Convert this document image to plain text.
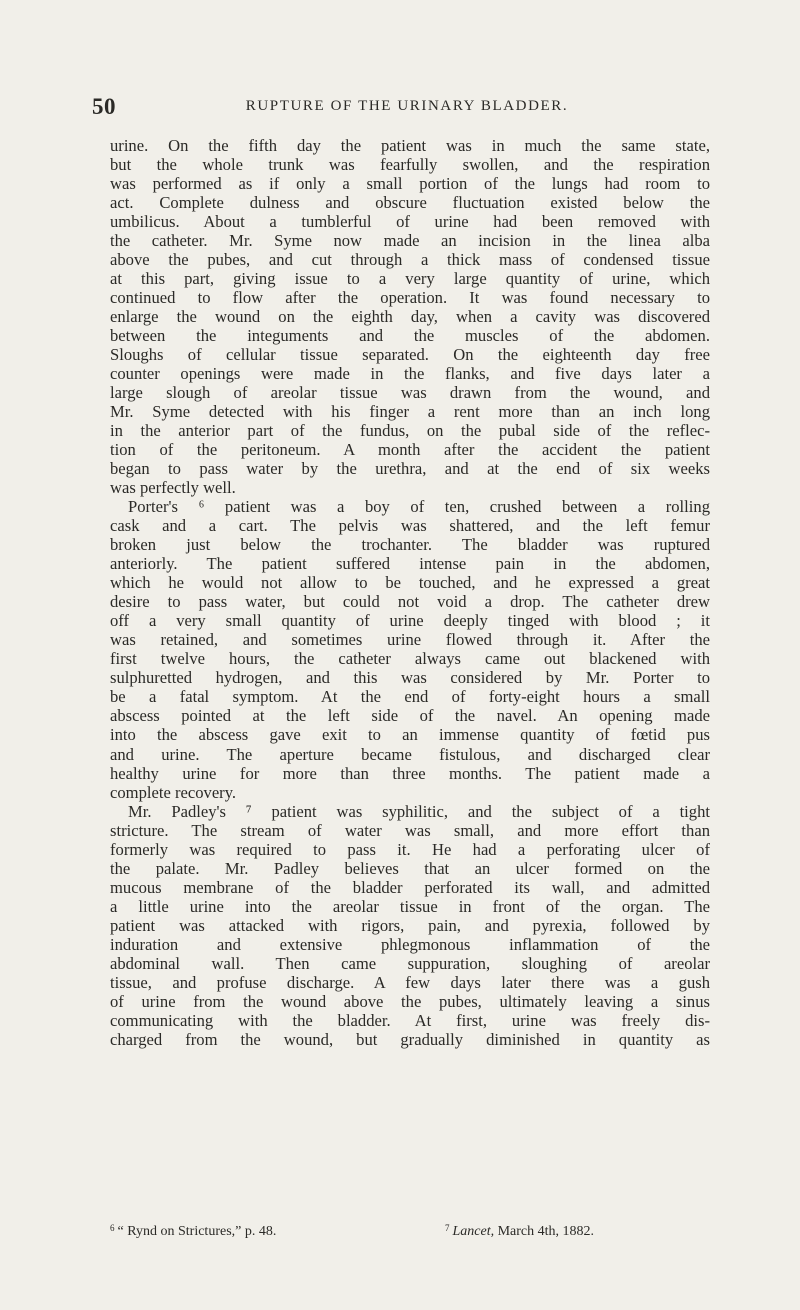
50	RUPTURE OF THE URINARY BLADDER.
urine. On the fifth day the patient was in much the same state,
but the whole trunk was fearfully swollen, and the respiration
was performed as if only a small portion of the lungs had room to
act. Complete dulness and obscure fluctuation existed below the
umbilicus. About a tumblerful of urine had been removed with
the catheter. Mr. Syme now made an incision in the linea alba
above the pubes, and cut through a thick mass of condensed tissue
at this part, giving issue to a very large quantity of urine, which
continued to flow after the operation. It was found necessary to
enlarge the wound on the eighth day, when a cavity was discovered
between the integuments and the muscles of the abdomen.
Sloughs of cellular tissue separated. On the eighteenth day free
counter openings were made in the flanks, and five days later a
large slough of areolar tissue was drawn from the wound, and
Mr. Syme detected with his finger a rent more than an inch long
in the anterior part of the fundus, on the pubal side of the reflec-
tion of the peritoneum. A month after the accident the patient
began to pass water by the urethra, and at the end of six weeks
was perfectly well.
Porter's ⁶ patient was a boy of ten, crushed between a rolling
cask and a cart. The pelvis was shattered, and the left femur
broken just below the trochanter. The bladder was ruptured
anteriorly. The patient suffered intense pain in the abdomen,
which he would not allow to be touched, and he expressed a great
desire to pass water, but could not void a drop. The catheter drew
off a very small quantity of urine deeply tinged with blood ; it
was retained, and sometimes urine flowed through it. After the
first twelve hours, the catheter always came out blackened with
sulphuretted hydrogen, and this was considered by Mr. Porter to
be a fatal symptom. At the end of forty-eight hours a small
abscess pointed at the left side of the navel. An opening made
into the abscess gave exit to an immense quantity of fœtid pus
and urine. The aperture became fistulous, and discharged clear
healthy urine for more than three months. The patient made a
complete recovery.
Mr. Padley's ⁷ patient was syphilitic, and the subject of a tight
stricture. The stream of water was small, and more effort than
formerly was required to pass it. He had a perforating ulcer of
the palate. Mr. Padley believes that an ulcer formed on the
mucous membrane of the bladder perforated its wall, and admitted
a little urine into the areolar tissue in front of the organ. The
patient was attacked with rigors, pain, and pyrexia, followed by
induration and extensive phlegmonous inflammation of the
abdominal wall. Then came suppuration, sloughing of areolar
tissue, and profuse discharge. A few days later there was a gush
of urine from the wound above the pubes, ultimately leaving a sinus
communicating with the bladder. At first, urine was freely dis-
charged from the wound, but gradually diminished in quantity as
$^6$ “ Rynd on Strictures,” p. 48.	$^7$ Lancet, March 4th, 1882.
